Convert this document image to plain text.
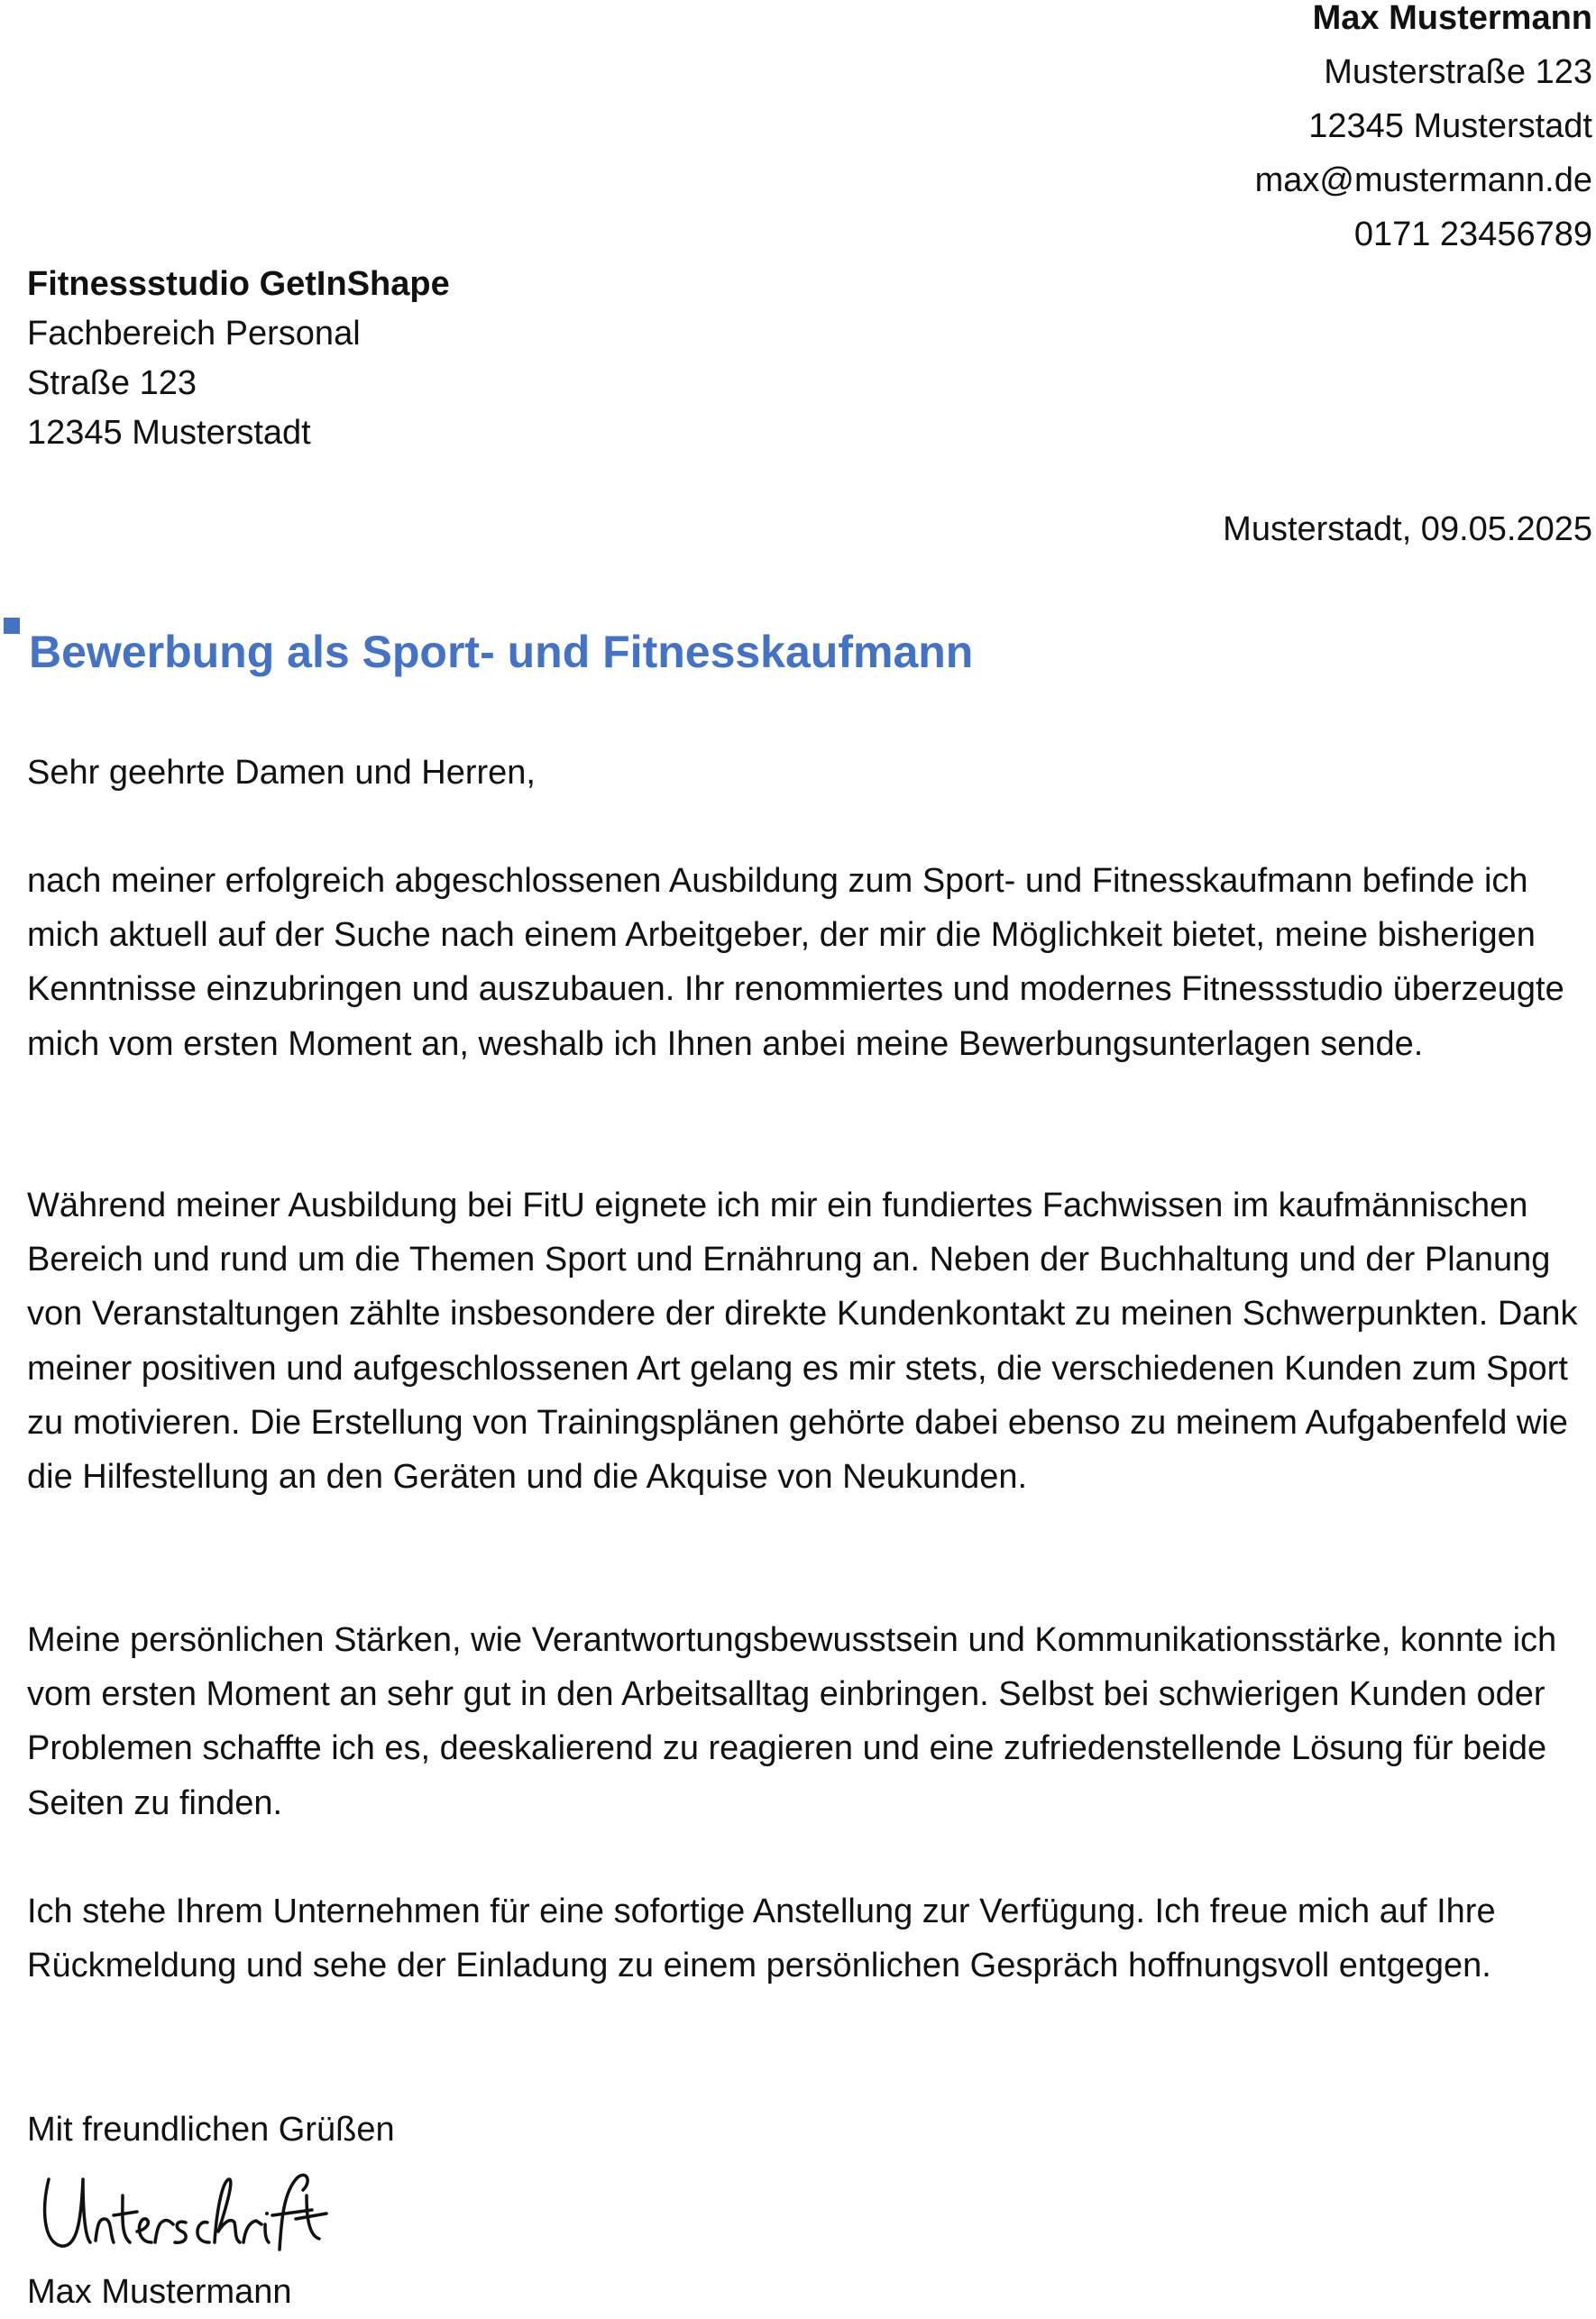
Max Mustermann
Musterstraße 123
12345 Musterstadt
max@mustermann.de
0171 23456789
Fitnessstudio GetInShape
Fachbereich Personal
Straße 123
12345 Musterstadt
Musterstadt, 09.05.2025
Bewerbung als Sport- und Fitnesskaufmann
Sehr geehrte Damen und Herren,

nach meiner erfolgreich abgeschlossenen Ausbildung zum Sport- und Fitnesskaufmann befinde ich mich aktuell auf der Suche nach einem Arbeitgeber, der mir die Möglichkeit bietet, meine bisherigen Kenntnisse einzubringen und auszubauen. Ihr renommiertes und modernes Fitnessstudio überzeugte mich vom ersten Moment an, weshalb ich Ihnen anbei meine Bewerbungsunterlagen sende.

Während meiner Ausbildung bei FitU eignete ich mir ein fundiertes Fachwissen im kaufmännischen Bereich und rund um die Themen Sport und Ernährung an. Neben der Buchhaltung und der Planung von Veranstaltungen zählte insbesondere der direkte Kundenkontakt zu meinen Schwerpunkten. Dank meiner positiven und aufgeschlossenen Art gelang es mir stets, die verschiedenen Kunden zum Sport zu motivieren. Die Erstellung von Trainingsplänen gehörte dabei ebenso zu meinem Aufgabenfeld wie die Hilfestellung an den Geräten und die Akquise von Neukunden.

Meine persönlichen Stärken, wie Verantwortungsbewusstsein und Kommunikationsstärke, konnte ich vom ersten Moment an sehr gut in den Arbeitsalltag einbringen. Selbst bei schwierigen Kunden oder Problemen schaffte ich es, deeskalierend zu reagieren und eine zufriedenstellende Lösung für beide Seiten zu finden.

Ich stehe Ihrem Unternehmen für eine sofortige Anstellung zur Verfügung. Ich freue mich auf Ihre Rückmeldung und sehe der Einladung zu einem persönlichen Gespräch hoffnungsvoll entgegen.

Mit freundlichen Grüßen
Max Mustermann
